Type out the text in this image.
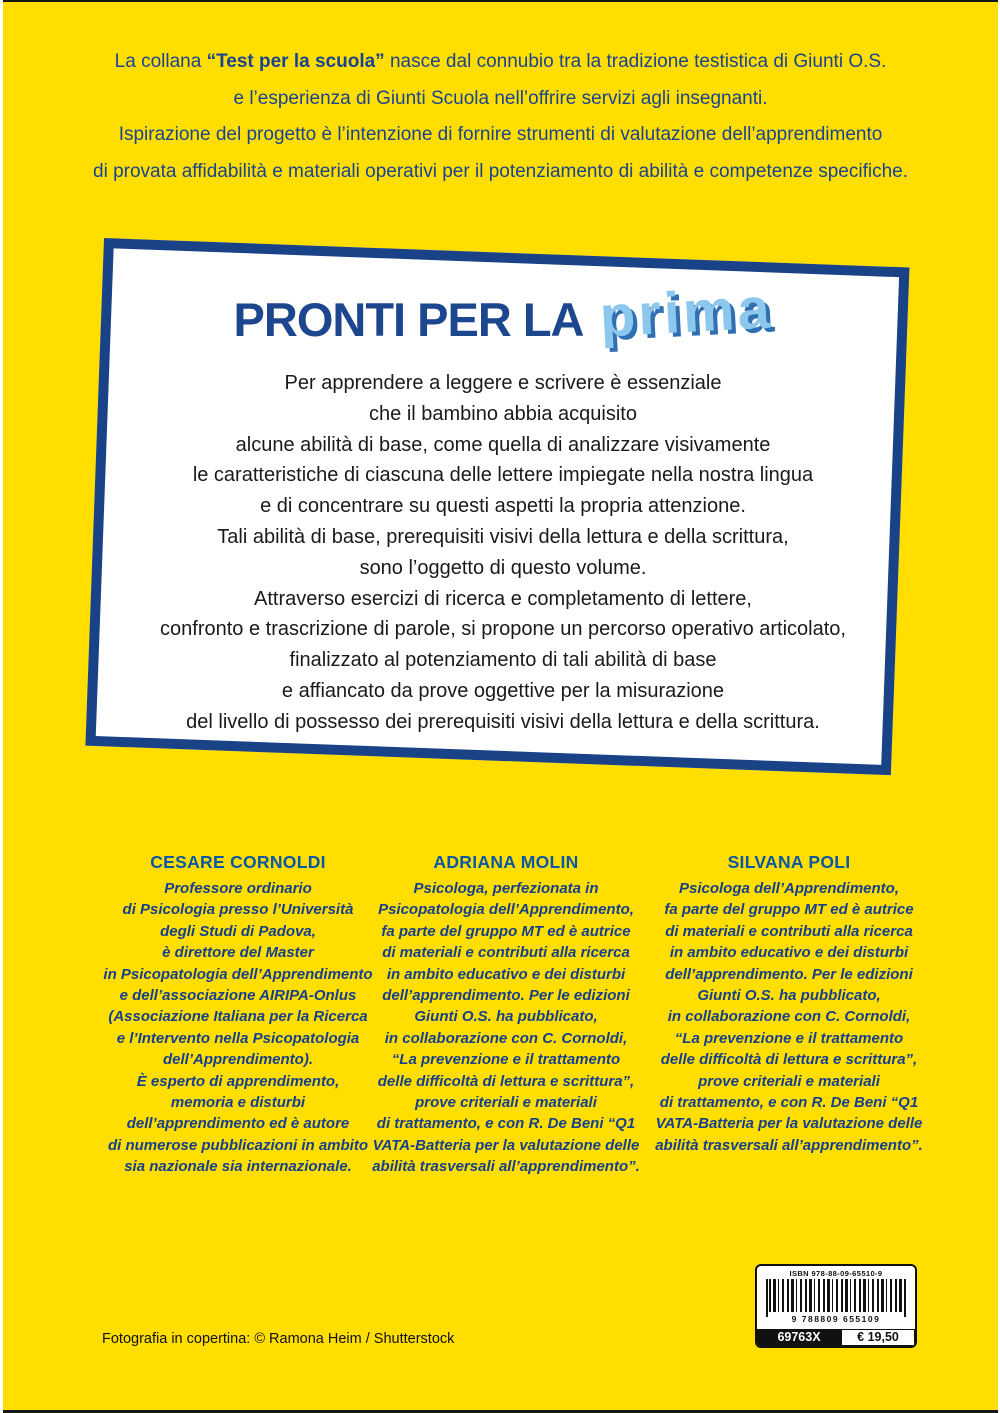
La collana “Test per la scuola” nasce dal connubio tra la tradizione testistica di Giunti O.S.
e l’esperienza di Giunti Scuola nell’offrire servizi agli insegnanti.
Ispirazione del progetto è l’intenzione di fornire strumenti di valutazione dell’apprendimento
di provata affidabilità e materiali operativi per il potenziamento di abilità e competenze specifiche.
PRONTI PER LA prima
Per apprendere a leggere e scrivere è essenziale
che il bambino abbia acquisito
alcune abilità di base, come quella di analizzare visivamente
le caratteristiche di ciascuna delle lettere impiegate nella nostra lingua
e di concentrare su questi aspetti la propria attenzione.
Tali abilità di base, prerequisiti visivi della lettura e della scrittura,
sono l’oggetto di questo volume.
Attraverso esercizi di ricerca e completamento di lettere,
confronto e trascrizione di parole, si propone un percorso operativo articolato,
finalizzato al potenziamento di tali abilità di base
e affiancato da prove oggettive per la misurazione
del livello di possesso dei prerequisiti visivi della lettura e della scrittura.
CESARE CORNOLDI
Professore ordinario
di Psicologia presso l’Università
degli Studi di Padova,
è direttore del Master
in Psicopatologia dell’Apprendimento
e dell’associazione AIRIPA-Onlus
(Associazione Italiana per la Ricerca
e l’Intervento nella Psicopatologia
dell’Apprendimento).
È esperto di apprendimento,
memoria e disturbi
dell’apprendimento ed è autore
di numerose pubblicazioni in ambito
sia nazionale sia internazionale.
ADRIANA MOLIN
Psicologa, perfezionata in
Psicopatologia dell’Apprendimento,
fa parte del gruppo MT ed è autrice
di materiali e contributi alla ricerca
in ambito educativo e dei disturbi
dell’apprendimento. Per le edizioni
Giunti O.S. ha pubblicato,
in collaborazione con C. Cornoldi,
“La prevenzione e il trattamento
delle difficoltà di lettura e scrittura”,
prove criteriali e materiali
di trattamento, e con R. De Beni “Q1
VATA-Batteria per la valutazione delle
abilità trasversali all’apprendimento”.
SILVANA POLI
Psicologa dell’Apprendimento,
fa parte del gruppo MT ed è autrice
di materiali e contributi alla ricerca
in ambito educativo e dei disturbi
dell’apprendimento. Per le edizioni
Giunti O.S. ha pubblicato,
in collaborazione con C. Cornoldi,
“La prevenzione e il trattamento
delle difficoltà di lettura e scrittura”,
prove criteriali e materiali
di trattamento, e con R. De Beni “Q1
VATA-Batteria per la valutazione delle
abilità trasversali all’apprendimento”.
Fotografia in copertina: © Ramona Heim / Shutterstock
ISBN 978-88-09-65510-9
9 788809 655109
69763X	€ 19,50
